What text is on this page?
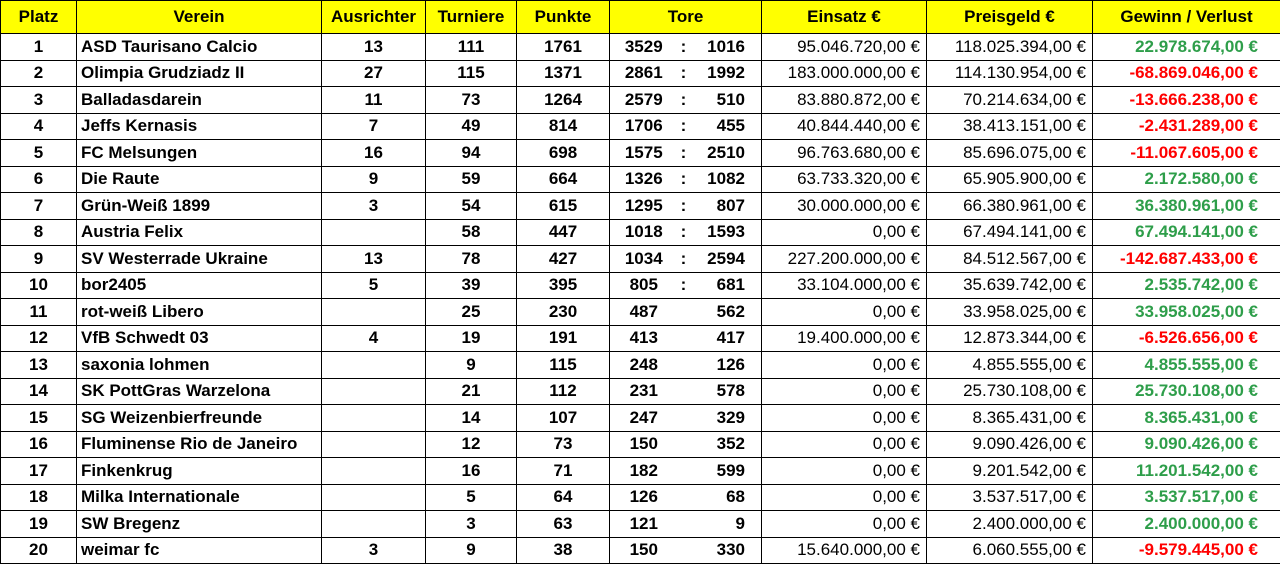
Platz	Verein	Ausrichter	Turniere	Punkte	Tore			Einsatz €	Preisgeld €	Gewinn / Verlust
1	ASD Taurisano Calcio	13	111	1761	3529	:	1016	95.046.720,00 €	118.025.394,00 €	22.978.674,00 €
2	Olimpia Grudziadz II	27	115	1371	2861	:	1992	183.000.000,00 €	114.130.954,00 €	-68.869.046,00 €
3	Balladasdarein	11	73	1264	2579	:	510	83.880.872,00 €	70.214.634,00 €	-13.666.238,00 €
4	Jeffs Kernasis	7	49	814	1706	:	455	40.844.440,00 €	38.413.151,00 €	-2.431.289,00 €
5	FC Melsungen	16	94	698	1575	:	2510	96.763.680,00 €	85.696.075,00 €	-11.067.605,00 €
6	Die Raute	9	59	664	1326	:	1082	63.733.320,00 €	65.905.900,00 €	2.172.580,00 €
7	Grün-Weiß 1899	3	54	615	1295	:	807	30.000.000,00 €	66.380.961,00 €	36.380.961,00 €
8	Austria Felix		58	447	1018	:	1593	0,00 €	67.494.141,00 €	67.494.141,00 €
9	SV Westerrade Ukraine	13	78	427	1034	:	2594	227.200.000,00 €	84.512.567,00 €	-142.687.433,00 €
10	bor2405	5	39	395	805	:	681	33.104.000,00 €	35.639.742,00 €	2.535.742,00 €
11	rot-weiß Libero		25	230	487		562	0,00 €	33.958.025,00 €	33.958.025,00 €
12	VfB Schwedt 03	4	19	191	413		417	19.400.000,00 €	12.873.344,00 €	-6.526.656,00 €
13	saxonia lohmen		9	115	248		126	0,00 €	4.855.555,00 €	4.855.555,00 €
14	SK PottGras Warzelona		21	112	231		578	0,00 €	25.730.108,00 €	25.730.108,00 €
15	SG Weizenbierfreunde		14	107	247		329	0,00 €	8.365.431,00 €	8.365.431,00 €
16	Fluminense Rio de Janeiro		12	73	150		352	0,00 €	9.090.426,00 €	9.090.426,00 €
17	Finkenkrug		16	71	182		599	0,00 €	9.201.542,00 €	11.201.542,00 €
18	Milka Internationale		5	64	126		68	0,00 €	3.537.517,00 €	3.537.517,00 €
19	SW Bregenz		3	63	121		9	0,00 €	2.400.000,00 €	2.400.000,00 €
20	weimar fc	3	9	38	150		330	15.640.000,00 €	6.060.555,00 €	-9.579.445,00 €
